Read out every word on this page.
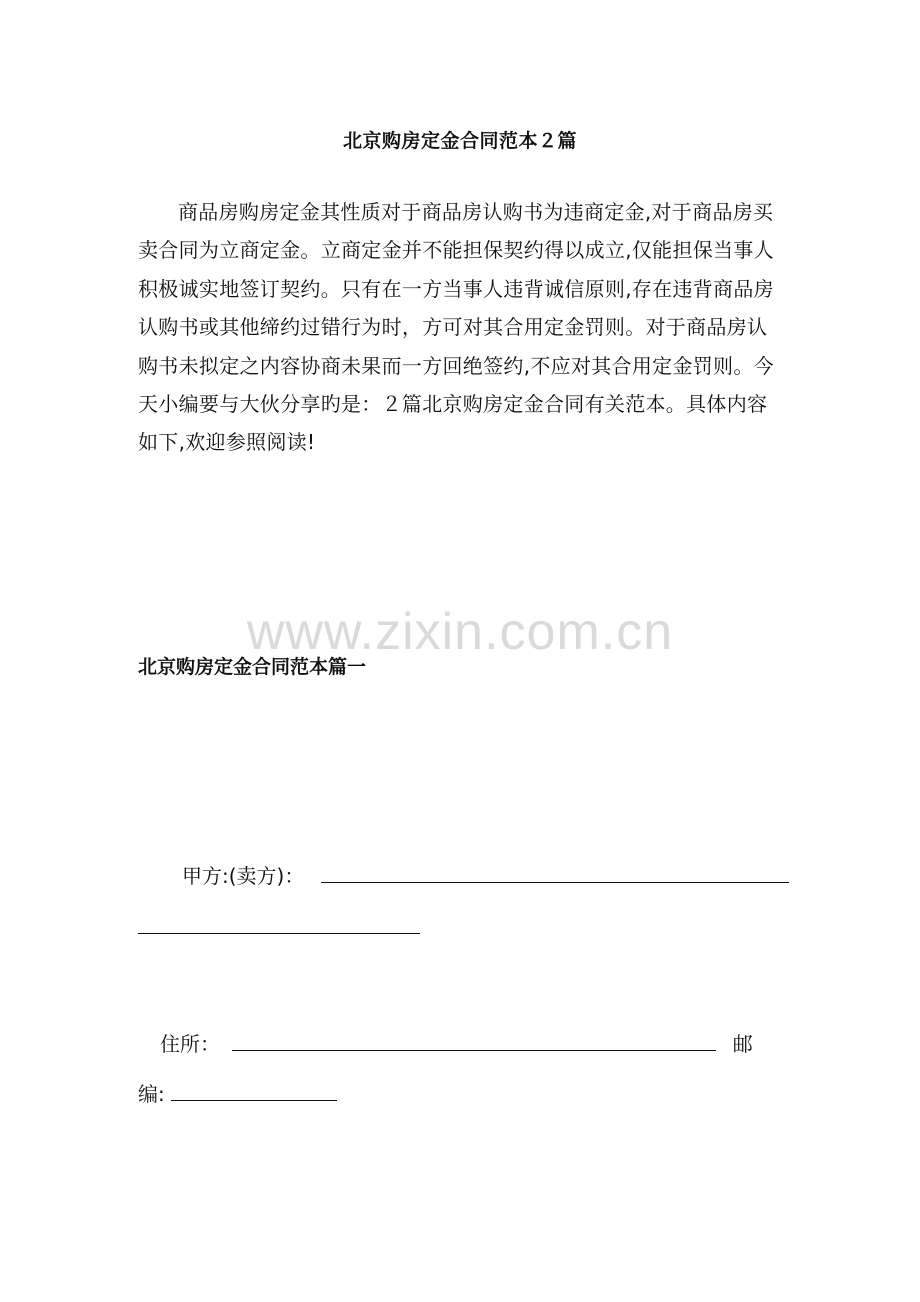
北京购房定金合同范本２篇

商品房购房定金其性质对于商品房认购书为违商定金,对于商品房买卖合同为立商定金。立商定金并不能担保契约得以成立,仅能担保当事人积极诚实地签订契约。只有在一方当事人违背诚信原则,存在违背商品房认购书或其他缔约过错行为时，方可对其合用定金罚则。对于商品房认购书未拟定之内容协商未果而一方回绝签约,不应对其合用定金罚则。今天小编要与大伙分享旳是：２篇北京购房定金合同有关范本。具体内容如下,欢迎参照阅读!

www.zixin.com.cn
北京购房定金合同范本篇一
甲方:(卖方)：
住所：	邮
编:
